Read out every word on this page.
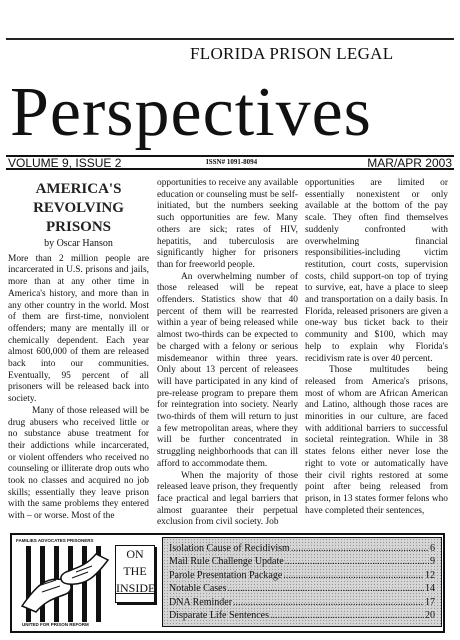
FLORIDA PRISON LEGAL
Perspectives
VOLUME 9, ISSUE 2	ISSN# 1091-8094	MAR/APR 2003
AMERICA'S
REVOLVING
PRISONS
by Oscar Hanson

More than 2 million people are incarcerated in U.S. prisons and jails, more than at any other time in America's history, and more than in any other country in the world. Most of them are first-time, nonviolent offenders; many are mentally ill or chemically dependent. Each year almost 600,000 of them are released back into our communities. Eventually, 95 percent of all prisoners will be released back into society.

Many of those released will be drug abusers who received little or no substance abuse treatment for their addictions while incarcerated, or violent offenders who received no counseling or illiterate drop outs who took no classes and acquired no job skills; essentially they leave prison with the same problems they entered with – or worse. Most of the

opportunities to receive any available education or counseling must be self-initiated, but the numbers seeking such opportunities are few. Many others are sick; rates of HIV, hepatitis, and tuberculosis are significantly higher for prisoners than for freeworld people.

An overwhelming number of those released will be repeat offenders. Statistics show that 40 percent of them will be rearrested within a year of being released while almost two-thirds can be expected to be charged with a felony or serious misdemeanor within three years. Only about 13 percent of releasees will have participated in any kind of pre-release program to prepare them for reintegration into society. Nearly two-thirds of them will return to just a few metropolitan areas, where they will be further concentrated in struggling neighborhoods that can ill afford to accommodate them.

When the majority of those released leave prison, they frequently face practical and legal barriers that almost guarantee their perpetual exclusion from civil society. Job

opportunities are limited or essentially nonexistent or only available at the bottom of the pay scale. They often find themselves suddenly confronted with overwhelming financial responsibilities-including victim restitution, court costs, supervision costs, child support-on top of trying to survive, eat, have a place to sleep and transportation on a daily basis. In Florida, released prisoners are given a one-way bus ticket back to their community and $100, which may help to explain why Florida's recidivism rate is over 40 percent.

Those multitudes being released from America's prisons, most of whom are African American and Latino, although those races are minorities in our culture, are faced with additional barriers to successful societal reintegration. While in 38 states felons either never lose the right to vote or automatically have their civil rights restored at some point after being released from prison, in 13 states former felons who have completed their sentences,

FAMILIES ADVOCATES PRISONERS
UNITED FOR PRISON REFORM
ON
THE
INSIDE
Isolation Cause of Recidivism .....	6
Mail Rule Challenge Update .....	9
Parole Presentation Package .....	12
Notable Cases .....	14
DNA Reminder .....	17
Disparate Life Sentences .....	20
